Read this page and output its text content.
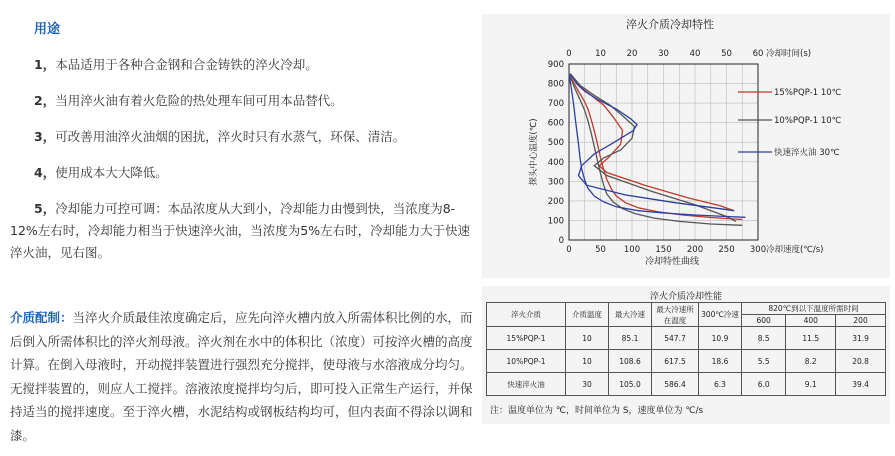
用途

1，本品适用于各种合金钢和合金铸铁的淬火冷却。

2，当用淬火油有着火危险的热处理车间可用本品替代。

3，可改善用油淬火油烟的困扰，淬火时只有水蒸气，环保、清洁。

4，使用成本大大降低。

5，冷却能力可控可调：本品浓度从大到小，冷却能力由慢到快，当浓度为8-12%左右时，冷却能力相当于快速淬火油，当浓度为5%左右时，冷却能力大于快速淬火油，见右图。

介质配制：当淬火介质最佳浓度确定后，应先向淬火槽内放入所需体积比例的水，而后倒入所需体积比的淬火剂母液。淬火剂在水中的体积比（浓度）可按淬火槽的高度计算。在倒入母液时，开动搅拌装置进行强烈充分搅拌，使母液与水溶液成分均匀。无搅拌装置的，则应人工搅拌。溶液浓度搅拌均匀后，即可投入正常生产运行，并保持适当的搅拌速度。至于淬火槽，水泥结构或钢板结构均可，但内表面不得涂以调和漆。

淬火介质冷却特性
冷却特性曲线
0
100
200
300
400
500
600
700
800
900
0	50 100 150 200 250 300
0	10 20 30 40 50 60
冷却速度(℃/s)
冷却时间(s)
探头中心温度(℃)
15%PQP-1 10℃
10%PQP-1 10℃
快速淬火油 30℃
淬火介质冷却性能
淬火介质	介质温度	最大冷速	最大冷速所在温度	300℃冷速	820℃到以下温度所需时间		
					600	400	200
15%PQP-1	10	85.1	547.7	10.9	8.5	11.5	31.9
10%PQP-1	10	108.6	617.5	18.6	5.5	8.2	20.8
快速淬火油	30	105.0	586.4	6.3	6.0	9.1	39.4
注：温度单位为 ℃，时间单位为 S，速度单位为 ℃/s
